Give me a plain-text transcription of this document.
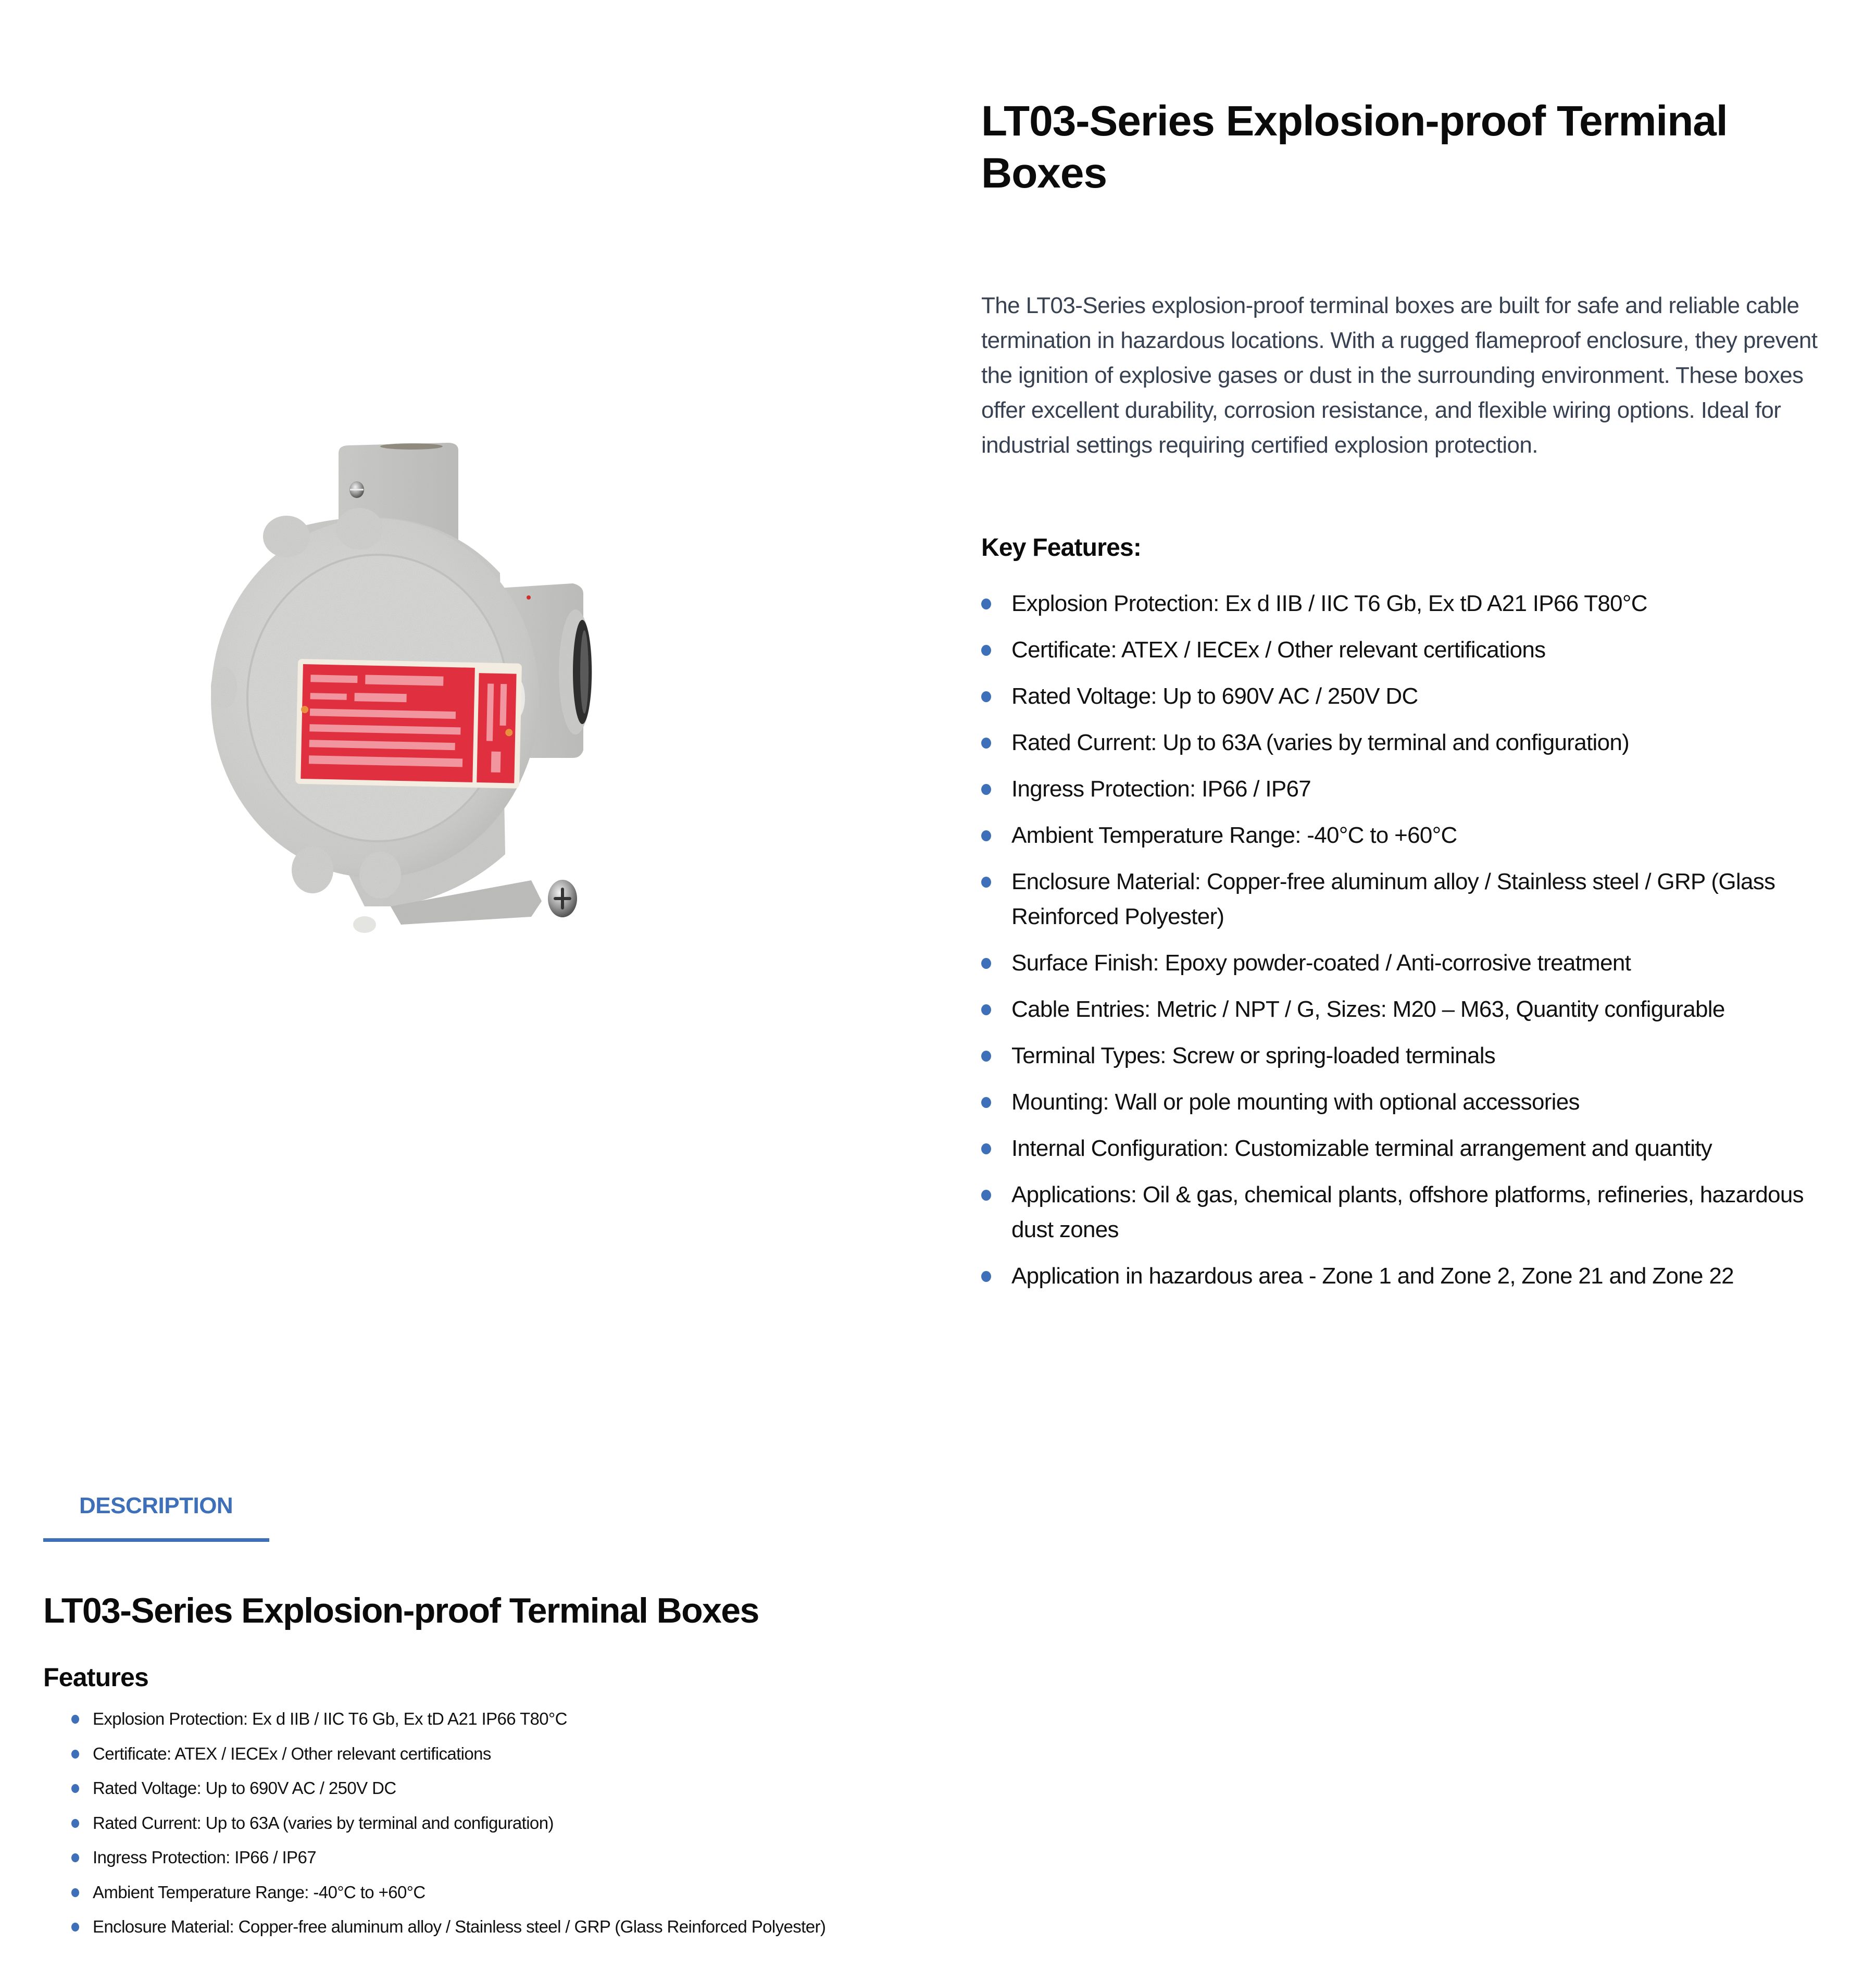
LT03-Series Explosion-proof Terminal Boxes

The LT03-Series explosion-proof terminal boxes are built for safe and reliable cable termination in hazardous locations. With a rugged flameproof enclosure, they prevent the ignition of explosive gases or dust in the surrounding environment. These boxes offer excellent durability, corrosion resistance, and flexible wiring options. Ideal for industrial settings requiring certified explosion protection.

Key Features:
Explosion Protection: Ex d IIB / IIC T6 Gb, Ex tD A21 IP66 T80°C
Certificate: ATEX / IECEx / Other relevant certifications
Rated Voltage: Up to 690V AC / 250V DC
Rated Current: Up to 63A (varies by terminal and configuration)
Ingress Protection: IP66 / IP67
Ambient Temperature Range: -40°C to +60°C
Enclosure Material: Copper-free aluminum alloy / Stainless steel / GRP (Glass Reinforced Polyester)
Surface Finish: Epoxy powder-coated / Anti-corrosive treatment
Cable Entries: Metric / NPT / G, Sizes: M20 – M63, Quantity configurable
Terminal Types: Screw or spring-loaded terminals
Mounting: Wall or pole mounting with optional accessories
Internal Configuration: Customizable terminal arrangement and quantity
Applications: Oil & gas, chemical plants, offshore platforms, refineries, hazardous dust zones
Application in hazardous area - Zone 1 and Zone 2, Zone 21 and Zone 22
DESCRIPTION
LT03-Series Explosion-proof Terminal Boxes
Features
Explosion Protection: Ex d IIB / IIC T6 Gb, Ex tD A21 IP66 T80°C
Certificate: ATEX / IECEx / Other relevant certifications
Rated Voltage: Up to 690V AC / 250V DC
Rated Current: Up to 63A (varies by terminal and configuration)
Ingress Protection: IP66 / IP67
Ambient Temperature Range: -40°C to +60°C
Enclosure Material: Copper-free aluminum alloy / Stainless steel / GRP (Glass Reinforced Polyester)
